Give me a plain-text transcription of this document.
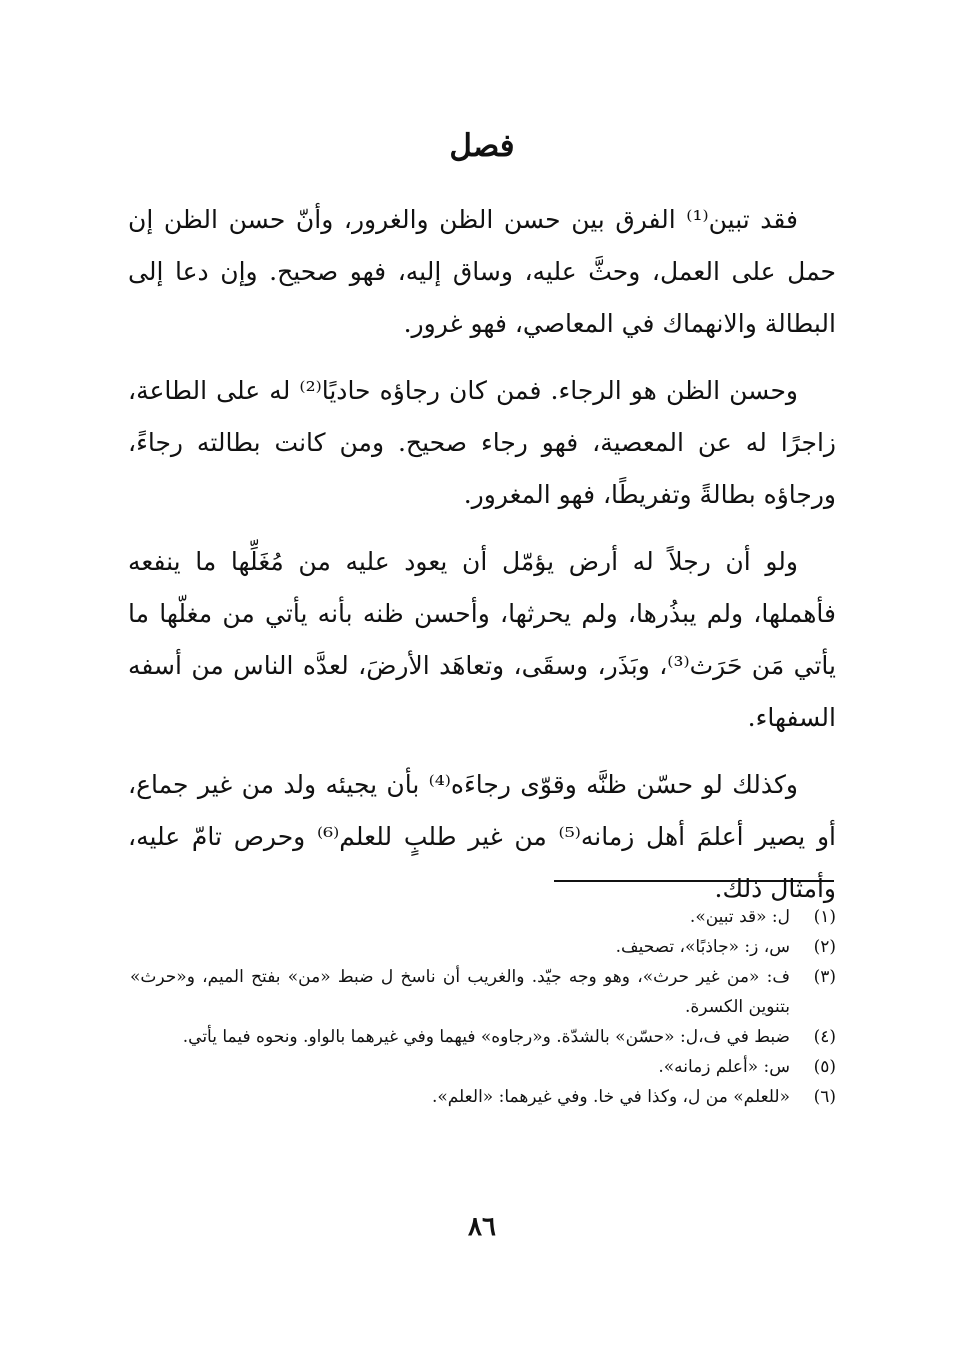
فصل

فقد تبين⁽¹⁾ الفرق بين حسن الظن والغرور، وأنّ حسن الظن إن حمل على العمل، وحثَّ عليه، وساق إليه، فهو صحيح. وإن دعا إلى البطالة والانهماك في المعاصي، فهو غرور.

وحسن الظن هو الرجاء. فمن كان رجاؤه حاديًا⁽²⁾ له على الطاعة، زاجرًا له عن المعصية، فهو رجاء صحيح. ومن كانت بطالته رجاءً، ورجاؤه بطالةً وتفريطًا، فهو المغرور.

ولو أن رجلاً له أرض يؤمّل أن يعود عليه من مُغَلِّها ما ينفعه فأهملها، ولم يبذُرها، ولم يحرثها، وأحسن ظنه بأنه يأتي من مغلّها ما يأتي مَن حَرَث⁽³⁾، وبَذَر، وسقَى، وتعاهَد الأرضَ، لعدَّه الناس من أسفه السفهاء.

وكذلك لو حسّن ظنَّه وقوّى رجاءَه⁽⁴⁾ بأن يجيئه ولد من غير جماع، أو يصير أعلمَ أهل زمانه⁽⁵⁾ من غير طلبٍ للعلم⁽⁶⁾ وحرص تامّ عليه، وأمثال ذلك.

(١)
ل: «قد تبين».
(٢)
س، ز: «جاذبًا»، تصحيف.
(٣)
ف: «من غير حرث»، وهو وجه جيّد. والغريب أن ناسخ ل ضبط «من» بفتح الميم، و«حرث» بتنوين الكسرة.
(٤)
ضبط في ف،ل: «حسّن» بالشدّة. و«رجاوه» فيهما وفي غيرهما بالواو. ونحوه فيما يأتي.
(٥)
س: «أعلم زمانه».
(٦)
«للعلم» من ل، وكذا في خا. وفي غيرهما: «العلم».
٨٦
